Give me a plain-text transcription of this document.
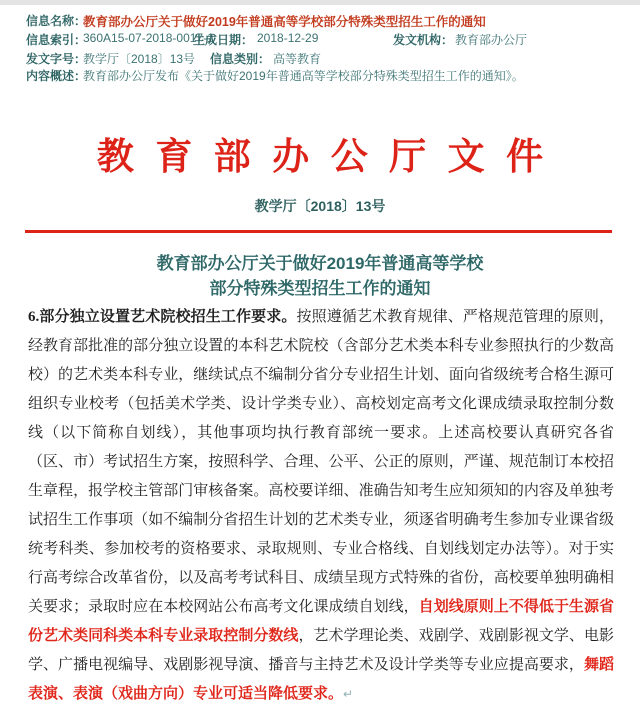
信息名称：
教育部办公厅关于做好2019年普通高等学校部分特殊类型招生工作的通知
信息索引：
360A15-07-2018-0017-1
生成日期： 2018-12-29	发文机构： 教育部办公厅
发文字号：
教学厅〔2018〕13号 信息类别： 高等教育
内容概述：
教育部办公厅发布《关于做好2019年普通高等学校部分特殊类型招生工作的通知》。
教育部办公厅文件
教学厅〔2018〕13号
教育部办公厅关于做好2019年普通高等学校
部分特殊类型招生工作的通知

6.部分独立设置艺术院校招生工作要求。按照遵循艺术教育规律、严格规范管理的原则，经教育部批准的部分独立设置的本科艺术院校（含部分艺术类本科专业参照执行的少数高校）的艺术类本科专业，继续试点不编制分省分专业招生计划、面向省级统考合格生源可组织专业校考（包括美术学类、设计学类专业）、高校划定高考文化课成绩录取控制分数线（以下简称自划线），其他事项均执行教育部统一要求。上述高校要认真研究各省（区、市）考试招生方案，按照科学、合理、公平、公正的原则，严谨、规范制订本校招生章程，报学校主管部门审核备案。高校要详细、准确告知考生应知须知的内容及单独考试招生工作事项（如不编制分省招生计划的艺术类专业，须逐省明确考生参加专业课省级统考科类、参加校考的资格要求、录取规则、专业合格线、自划线划定办法等）。对于实行高考综合改革省份，以及高考考试科目、成绩呈现方式特殊的省份，高校要单独明确相关要求；录取时应在本校网站公布高考文化课成绩自划线，自划线原则上不得低于生源省份艺术类同科类本科专业录取控制分数线，艺术学理论类、戏剧学、戏剧影视文学、电影学、广播电视编导、戏剧影视导演、播音与主持艺术及设计学类等专业应提高要求，舞蹈表演、表演（戏曲方向）专业可适当降低要求。↵
